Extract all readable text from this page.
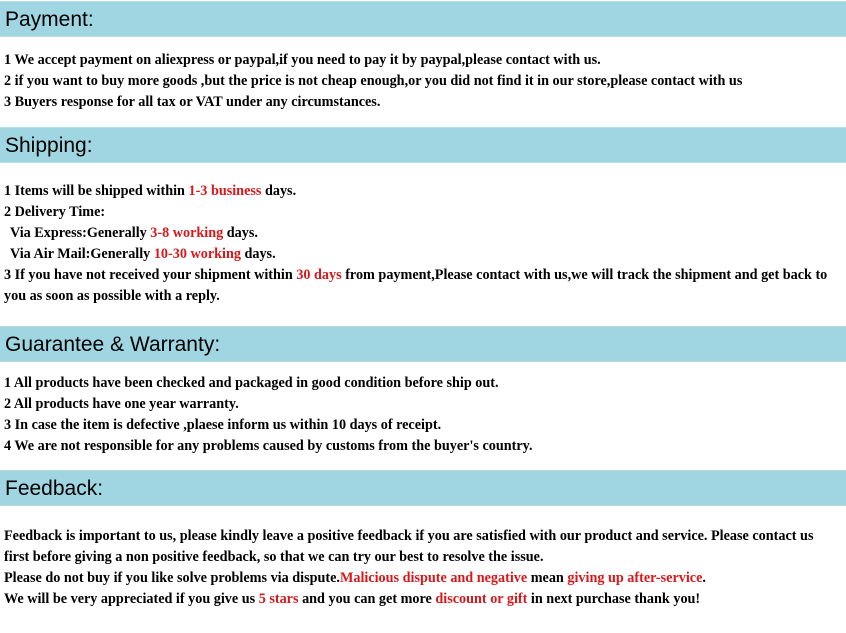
Payment:
1 We accept payment on aliexpress or paypal,if you need to pay it by paypal,please contact with us.
2 if you want to buy more goods ,but the price is not cheap enough,or you did not find it in our store,please contact with us
3 Buyers response for all tax or VAT under any circumstances.
Shipping:
1 Items will be shipped within 1-3 business days.
2 Delivery Time:
Via Express:Generally 3-8 working days.
Via Air Mail:Generally 10-30 working days.
3 If you have not received your shipment within 30 days from payment,Please contact with us,we will track the shipment and get back to you as soon as possible with a reply.
Guarantee & Warranty:
1 All products have been checked and packaged in good condition before ship out.
2 All products have one year warranty.
3 In case the item is defective ,plaese inform us within 10 days of receipt.
4 We are not responsible for any problems caused by customs from the buyer's country.
Feedback:
Feedback is important to us, please kindly leave a positive feedback if you are satisfied with our product and service. Please contact us first before giving a non positive feedback, so that we can try our best to resolve the issue.
Please do not buy if you like solve problems via dispute.Malicious dispute and negative mean giving up after-service.
We will be very appreciated if you give us 5 stars and you can get more discount or gift in next purchase thank you!
